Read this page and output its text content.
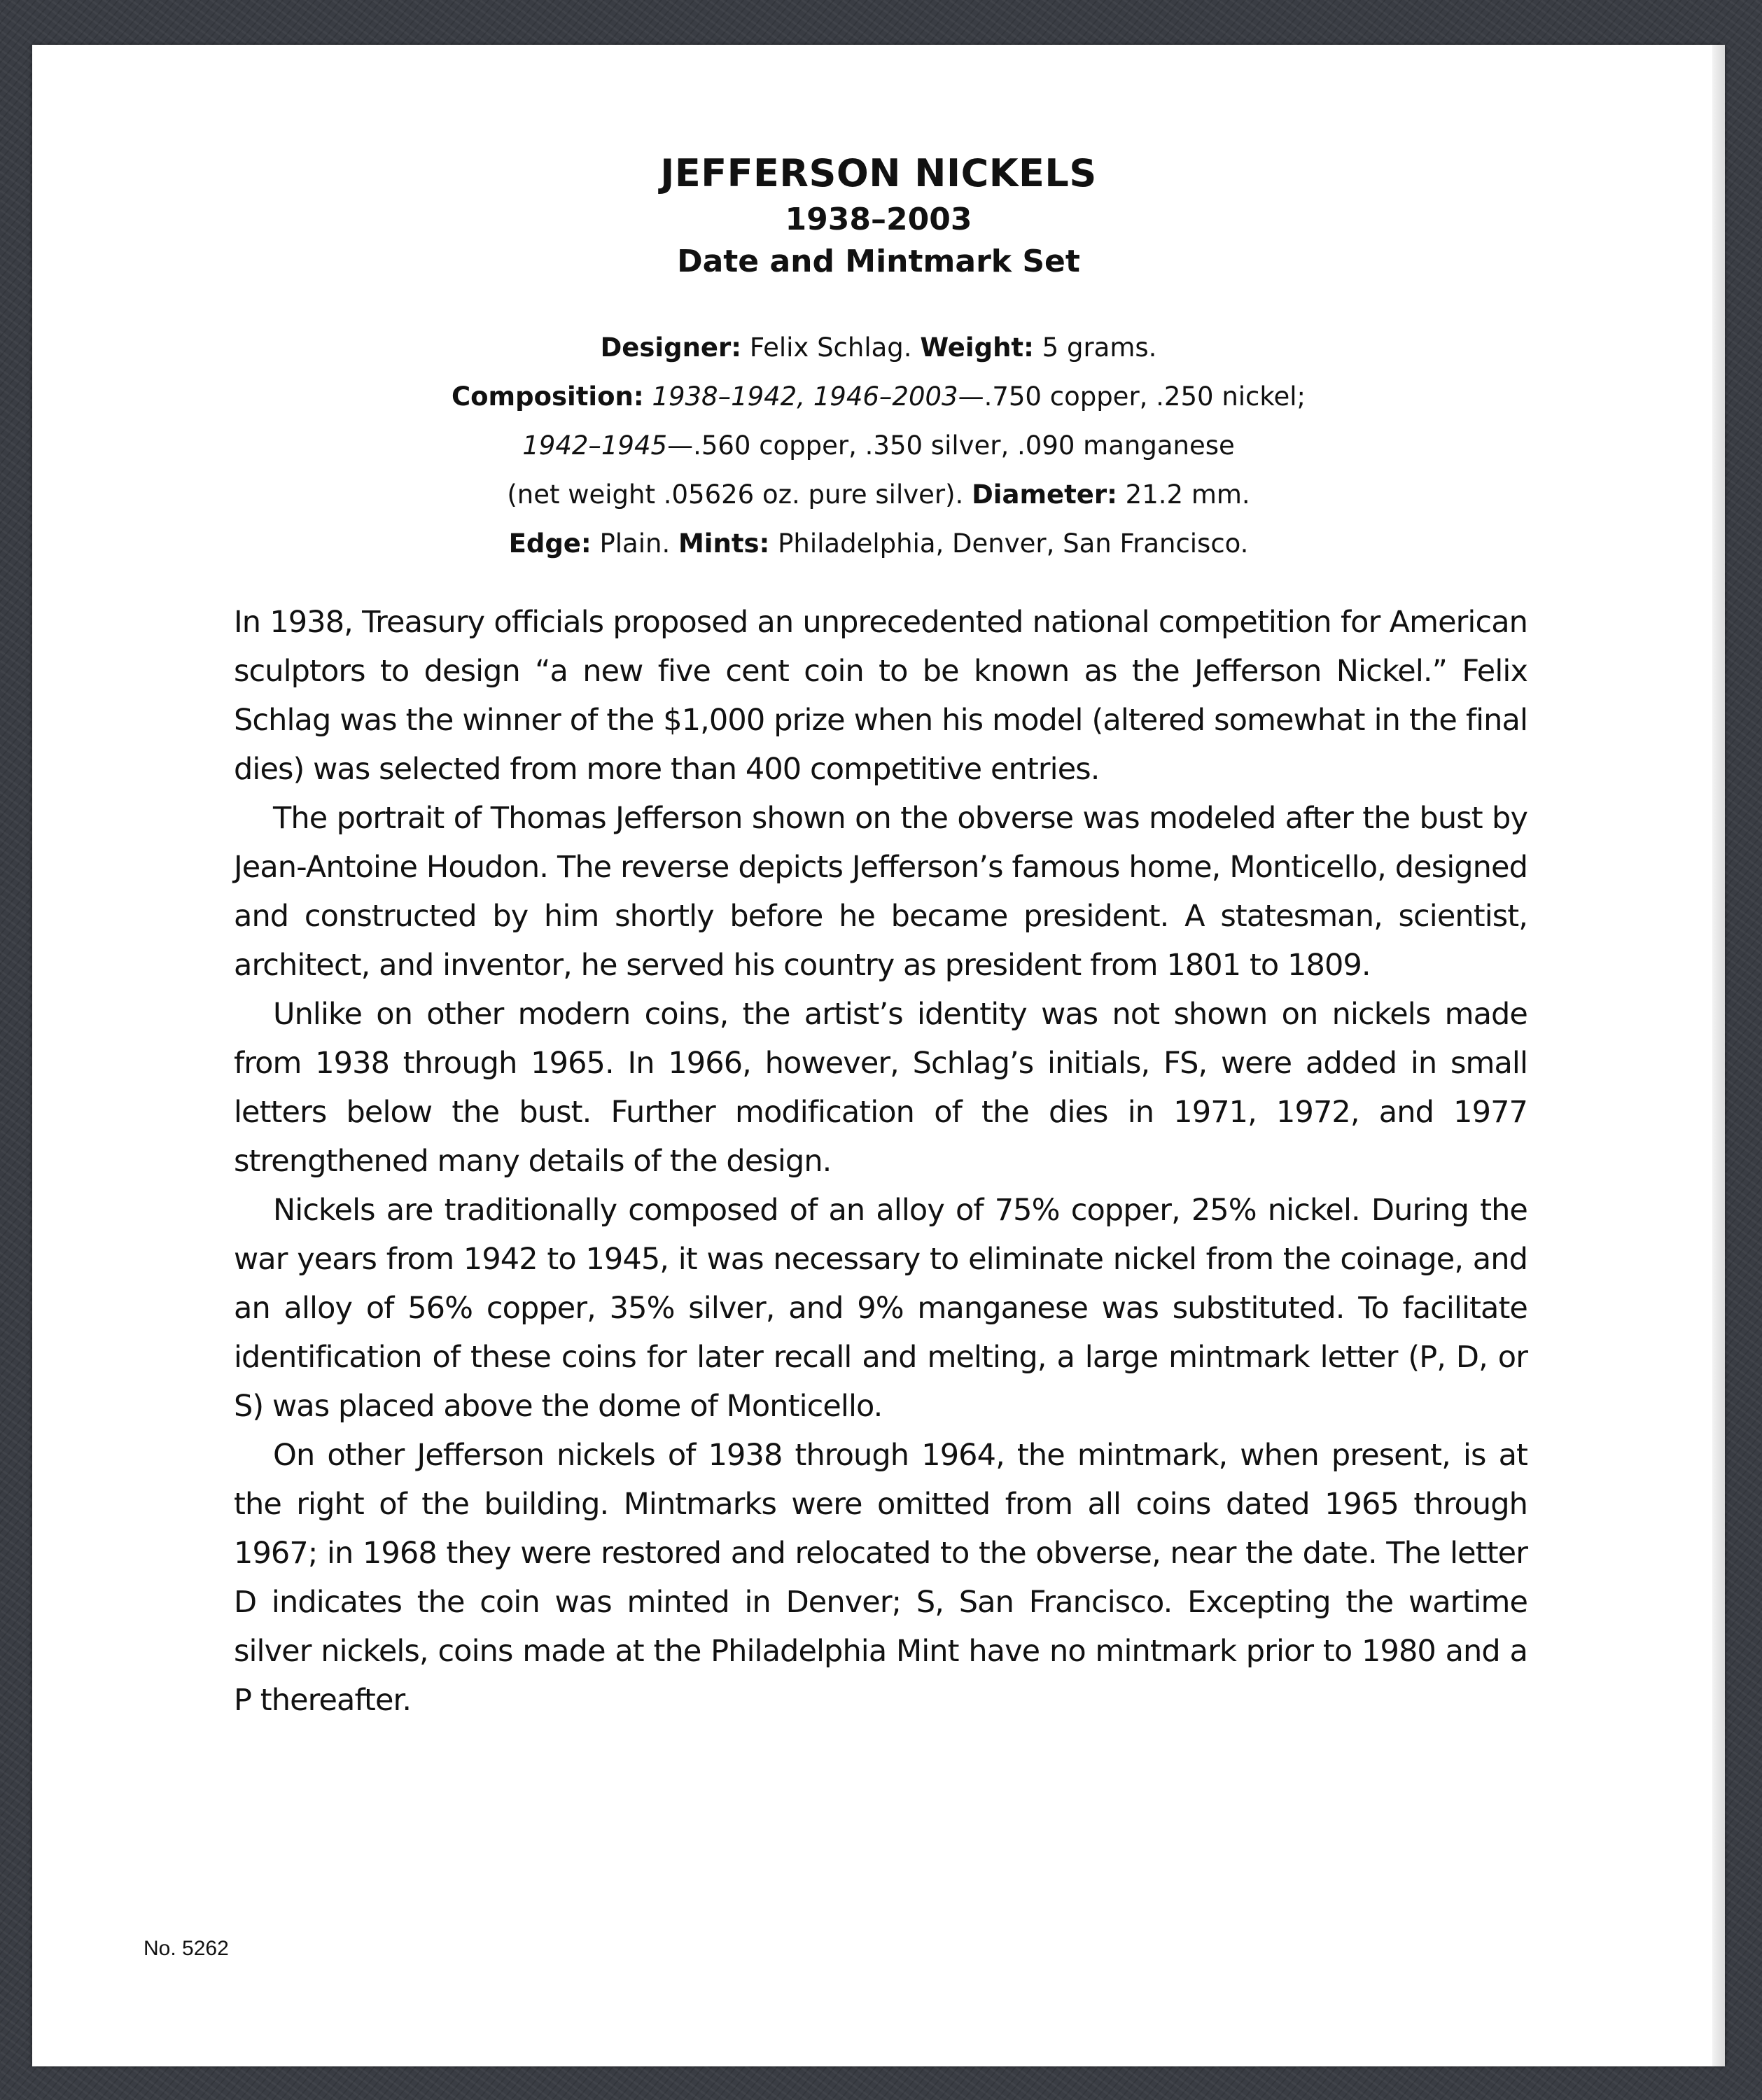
JEFFERSON NICKELS
1938–2003
Date and Mintmark Set
Designer: Felix Schlag. Weight: 5 grams.
Composition: 1938–1942, 1946–2003—.750 copper, .250 nickel;
1942–1945—.560 copper, .350 silver, .090 manganese
(net weight .05626 oz. pure silver). Diameter: 21.2 mm.
Edge: Plain. Mints: Philadelphia, Denver, San Francisco.

In 1938, Treasury officials proposed an unprecedented national competition for American sculptors to design “a new five cent coin to be known as the Jefferson Nickel.” Felix Schlag was the winner of the $1,000 prize when his model (altered somewhat in the final dies) was selected from more than 400 competitive entries.

The portrait of Thomas Jefferson shown on the obverse was modeled after the bust by Jean-Antoine Houdon. The reverse depicts Jefferson’s famous home, Monticello, designed and constructed by him shortly before he became president. A statesman, scientist, architect, and inventor, he served his country as president from 1801 to 1809.

Unlike on other modern coins, the artist’s identity was not shown on nickels made from 1938 through 1965. In 1966, however, Schlag’s initials, FS, were added in small letters below the bust. Further modification of the dies in 1971, 1972, and 1977 strengthened many details of the design.

Nickels are traditionally composed of an alloy of 75% copper, 25% nickel. During the war years from 1942 to 1945, it was necessary to eliminate nickel from the coinage, and an alloy of 56% copper, 35% silver, and 9% manganese was substituted. To facilitate identification of these coins for later recall and melting, a large mintmark letter (P, D, or S) was placed above the dome of Monticello.

On other Jefferson nickels of 1938 through 1964, the mintmark, when present, is at the right of the building. Mintmarks were omitted from all coins dated 1965 through 1967; in 1968 they were restored and relocated to the obverse, near the date. The letter D indicates the coin was minted in Denver; S, San Francisco. Excepting the wartime silver nickels, coins made at the Philadelphia Mint have no mintmark prior to 1980 and a P thereafter.

No. 5262
